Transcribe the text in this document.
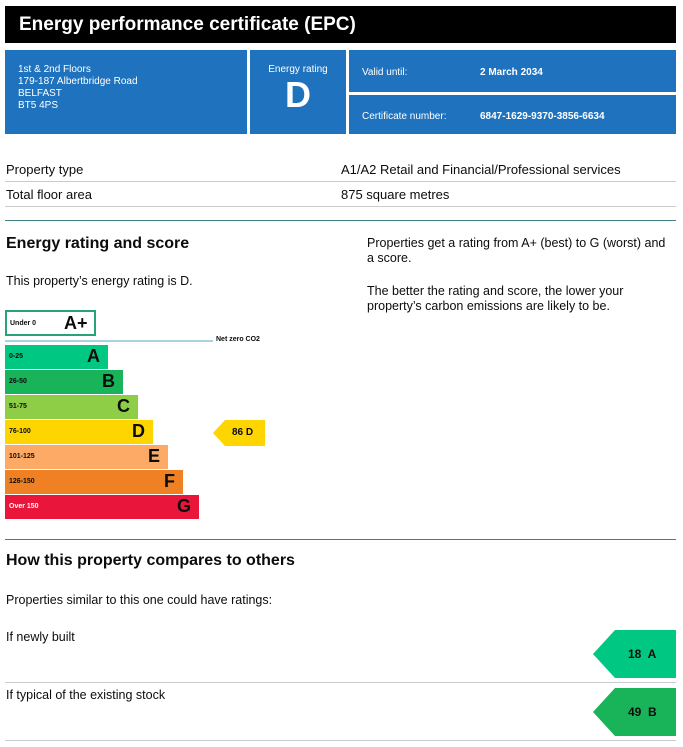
Energy performance certificate (EPC)
1st & 2nd Floors
179-187 Albertbridge Road
BELFAST
BT5 4PS
Energy rating
D
Valid until:	2 March 2034
Certificate number:	6847-1629-9370-3856-6634
Property type	A1/A2 Retail and Financial/Professional services
Total floor area	875 square metres
Energy rating and score
This property’s energy rating is D.
Properties get a rating from A+ (best) to G (worst) and a score.
The better the rating and score, the lower your property’s carbon emissions are likely to be.
Under 0 A+
Net zero CO2
0-25	A
26-50	B
51-75	C
76-100	D
101-125	E
126-150	F
Over 150	G
86 D
How this property compares to others
Properties similar to this one could have ratings:
If newly built
18 A
If typical of the existing stock
49 B
